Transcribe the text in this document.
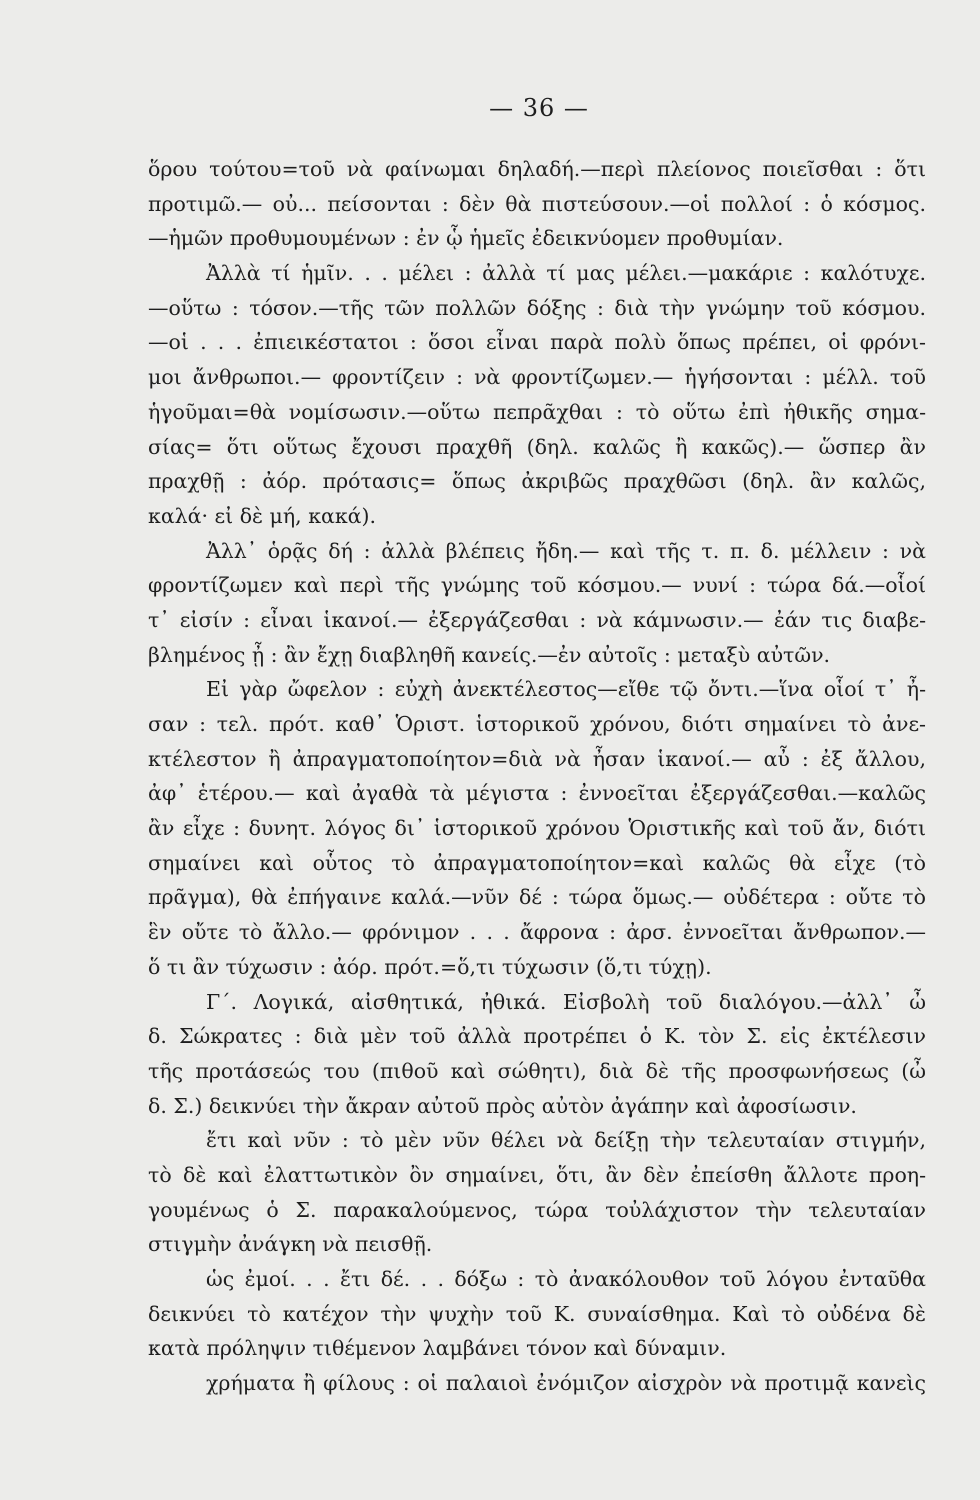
— 36 —
ὅρου τούτου=τοῦ νὰ φαίνωμαι δηλαδή.—περὶ πλείονος ποιεῖσθαι : ὅτι
προτιμῶ.— οὐ... πείσονται : δὲν θὰ πιστεύσουν.—οἱ πολλοί : ὁ κόσμος.
—ἡμῶν προθυμουμένων : ἐν ᾧ ἡμεῖς ἐδεικνύομεν προθυμίαν.
Ἀλλὰ τί ἡμῖν. . . μέλει : ἀλλὰ τί μας μέλει.—μακάριε : καλότυχε.
—οὕτω : τόσον.—τῆς τῶν πολλῶν δόξης : διὰ τὴν γνώμην τοῦ κόσμου.
—οἱ . . . ἐπιεικέστατοι : ὅσοι εἶναι παρὰ πολὺ ὅπως πρέπει, οἱ φρόνι-
μοι ἄνθρωποι.— φροντίζειν : νὰ φροντίζωμεν.— ἡγήσονται : μέλλ. τοῦ
ἡγοῦμαι=θὰ νομίσωσιν.—οὕτω πεπρᾶχθαι : τὸ οὕτω ἐπὶ ἠθικῆς σημα-
σίας= ὅτι οὕτως ἔχουσι πραχθῆ (δηλ. καλῶς ἢ κακῶς).— ὥσπερ ἂν
πραχθῇ : ἀόρ. πρότασις= ὅπως ἀκριβῶς πραχθῶσι (δηλ. ἂν καλῶς,
καλά· εἰ δὲ μή, κακά).
Ἀλλ᾿ ὁρᾷς δή : ἀλλὰ βλέπεις ἤδη.— καὶ τῆς τ. π. δ. μέλλειν : νὰ
φροντίζωμεν καὶ περὶ τῆς γνώμης τοῦ κόσμου.— νυνί : τώρα δά.—οἷοί
τ᾿ εἰσίν : εἶναι ἱκανοί.— ἐξεργάζεσθαι : νὰ κάμνωσιν.— ἐάν τις διαβε-
βλημένος ᾖ : ἂν ἔχῃ διαβληθῆ κανείς.—ἐν αὐτοῖς : μεταξὺ αὐτῶν.
Εἰ γὰρ ὤφελον : εὐχὴ ἀνεκτέλεστος—εἴθε τῷ ὄντι.—ἵνα οἷοί τ᾿ ἦ-
σαν : τελ. πρότ. καθ᾿ Ὁριστ. ἱστορικοῦ χρόνου, διότι σημαίνει τὸ ἀνε-
κτέλεστον ἢ ἀπραγματοποίητον=διὰ νὰ ἦσαν ἱκανοί.— αὖ : ἐξ ἄλλου,
ἀφ᾿ ἑτέρου.— καὶ ἀγαθὰ τὰ μέγιστα : ἐννοεῖται ἐξεργάζεσθαι.—καλῶς
ἂν εἶχε : δυνητ. λόγος δι᾿ ἱστορικοῦ χρόνου Ὁριστικῆς καὶ τοῦ ἄν, διότι
σημαίνει καὶ οὗτος τὸ ἀπραγματοποίητον=καὶ καλῶς θὰ εἶχε (τὸ
πρᾶγμα), θὰ ἐπήγαινε καλά.—νῦν δέ : τώρα ὅμως.— οὐδέτερα : οὔτε τὸ
ἓν οὔτε τὸ ἄλλο.— φρόνιμον . . . ἄφρονα : ἀρσ. ἐννοεῖται ἄνθρωπον.—
ὅ τι ἂν τύχωσιν : ἀόρ. πρότ.=ὅ,τι τύχωσιν (ὅ,τι τύχῃ).
Γ΄. Λογικά, αἰσθητικά, ἠθικά. Εἰσβολὴ τοῦ διαλόγου.—ἀλλ᾿ ὦ
δ. Σώκρατες : διὰ μὲν τοῦ ἀλλὰ προτρέπει ὁ Κ. τὸν Σ. εἰς ἐκτέλεσιν
τῆς προτάσεώς του (πιθοῦ καὶ σώθητι), διὰ δὲ τῆς προσφωνήσεως (ὦ
δ. Σ.) δεικνύει τὴν ἄκραν αὐτοῦ πρὸς αὐτὸν ἀγάπην καὶ ἀφοσίωσιν.
ἔτι καὶ νῦν : τὸ μὲν νῦν θέλει νὰ δείξῃ τὴν τελευταίαν στιγμήν,
τὸ δὲ καὶ ἐλαττωτικὸν ὂν σημαίνει, ὅτι, ἂν δὲν ἐπείσθη ἄλλοτε προη-
γουμένως ὁ Σ. παρακαλούμενος, τώρα τοὐλάχιστον τὴν τελευταίαν
στιγμὴν ἀνάγκη νὰ πεισθῇ.
ὡς ἐμοί. . . ἔτι δέ. . . δόξω : τὸ ἀνακόλουθον τοῦ λόγου ἐνταῦθα
δεικνύει τὸ κατέχον τὴν ψυχὴν τοῦ Κ. συναίσθημα. Καὶ τὸ οὐδένα δὲ
κατὰ πρόληψιν τιθέμενον λαμβάνει τόνον καὶ δύναμιν.
χρήματα ἢ φίλους : οἱ παλαιοὶ ἐνόμιζον αἰσχρὸν νὰ προτιμᾷ κανεὶς
